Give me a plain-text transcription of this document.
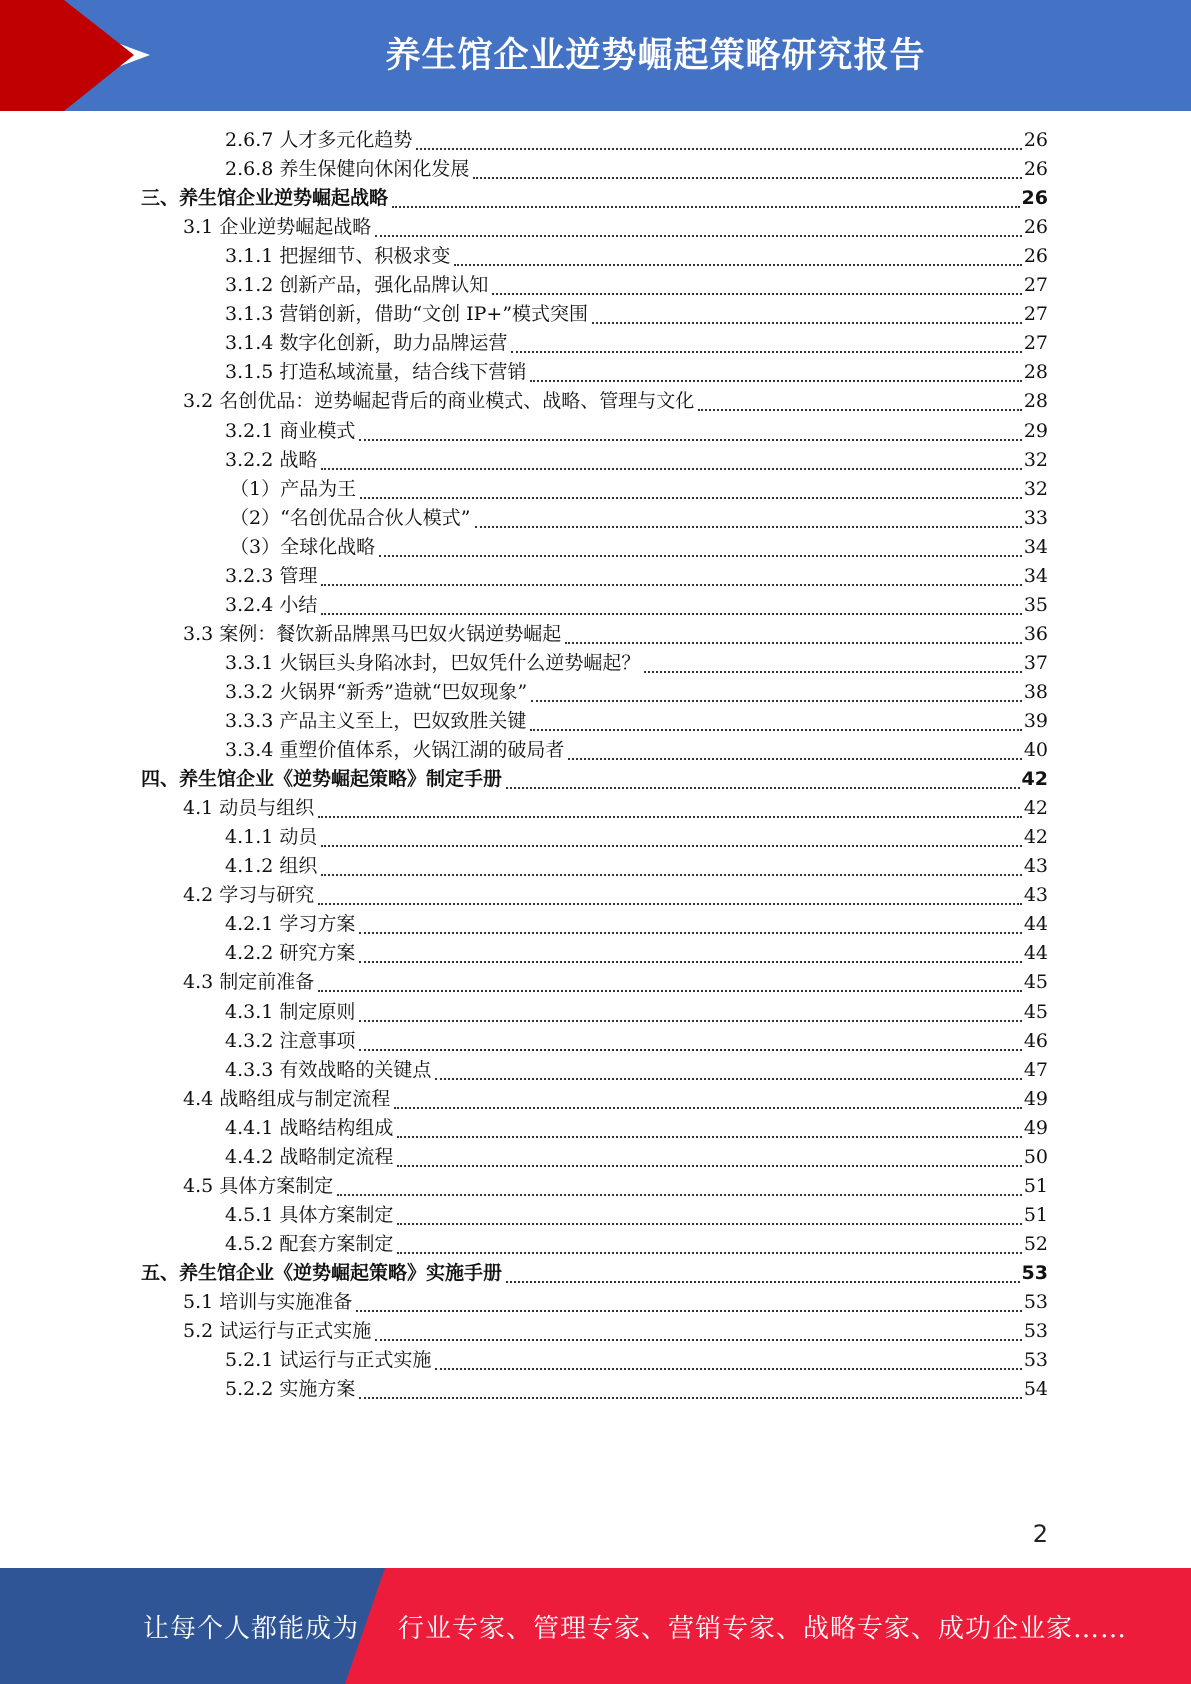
养生馆企业逆势崛起策略研究报告
2.6.7 人才多元化趋势	26
2.6.8 养生保健向休闲化发展	26
三、养生馆企业逆势崛起战略	26
3.1 企业逆势崛起战略	26
3.1.1 把握细节、积极求变	26
3.1.2 创新产品，强化品牌认知	27
3.1.3 营销创新，借助“文创 IP+”模式突围	27
3.1.4 数字化创新，助力品牌运营	27
3.1.5 打造私域流量，结合线下营销	28
3.2 名创优品：逆势崛起背后的商业模式、战略、管理与文化	28
3.2.1 商业模式	29
3.2.2 战略	32
（1）产品为王	32
（2）“名创优品合伙人模式”	33
（3）全球化战略	34
3.2.3 管理	34
3.2.4 小结	35
3.3 案例：餐饮新品牌黑马巴奴火锅逆势崛起	36
3.3.1 火锅巨头身陷冰封，巴奴凭什么逆势崛起？	37
3.3.2 火锅界“新秀”造就“巴奴现象”	38
3.3.3 产品主义至上，巴奴致胜关键	39
3.3.4 重塑价值体系，火锅江湖的破局者	40
四、养生馆企业《逆势崛起策略》制定手册	42
4.1 动员与组织	42
4.1.1 动员	42
4.1.2 组织	43
4.2 学习与研究	43
4.2.1 学习方案	44
4.2.2 研究方案	44
4.3 制定前准备	45
4.3.1 制定原则	45
4.3.2 注意事项	46
4.3.3 有效战略的关键点	47
4.4 战略组成与制定流程	49
4.4.1 战略结构组成	49
4.4.2 战略制定流程	50
4.5 具体方案制定	51
4.5.1 具体方案制定	51
4.5.2 配套方案制定	52
五、养生馆企业《逆势崛起策略》实施手册	53
5.1 培训与实施准备	53
5.2 试运行与正式实施	53
5.2.1 试运行与正式实施	53
5.2.2 实施方案	54
2
让每个人都能成为 行业专家、管理专家、营销专家、战略专家、成功企业家……
